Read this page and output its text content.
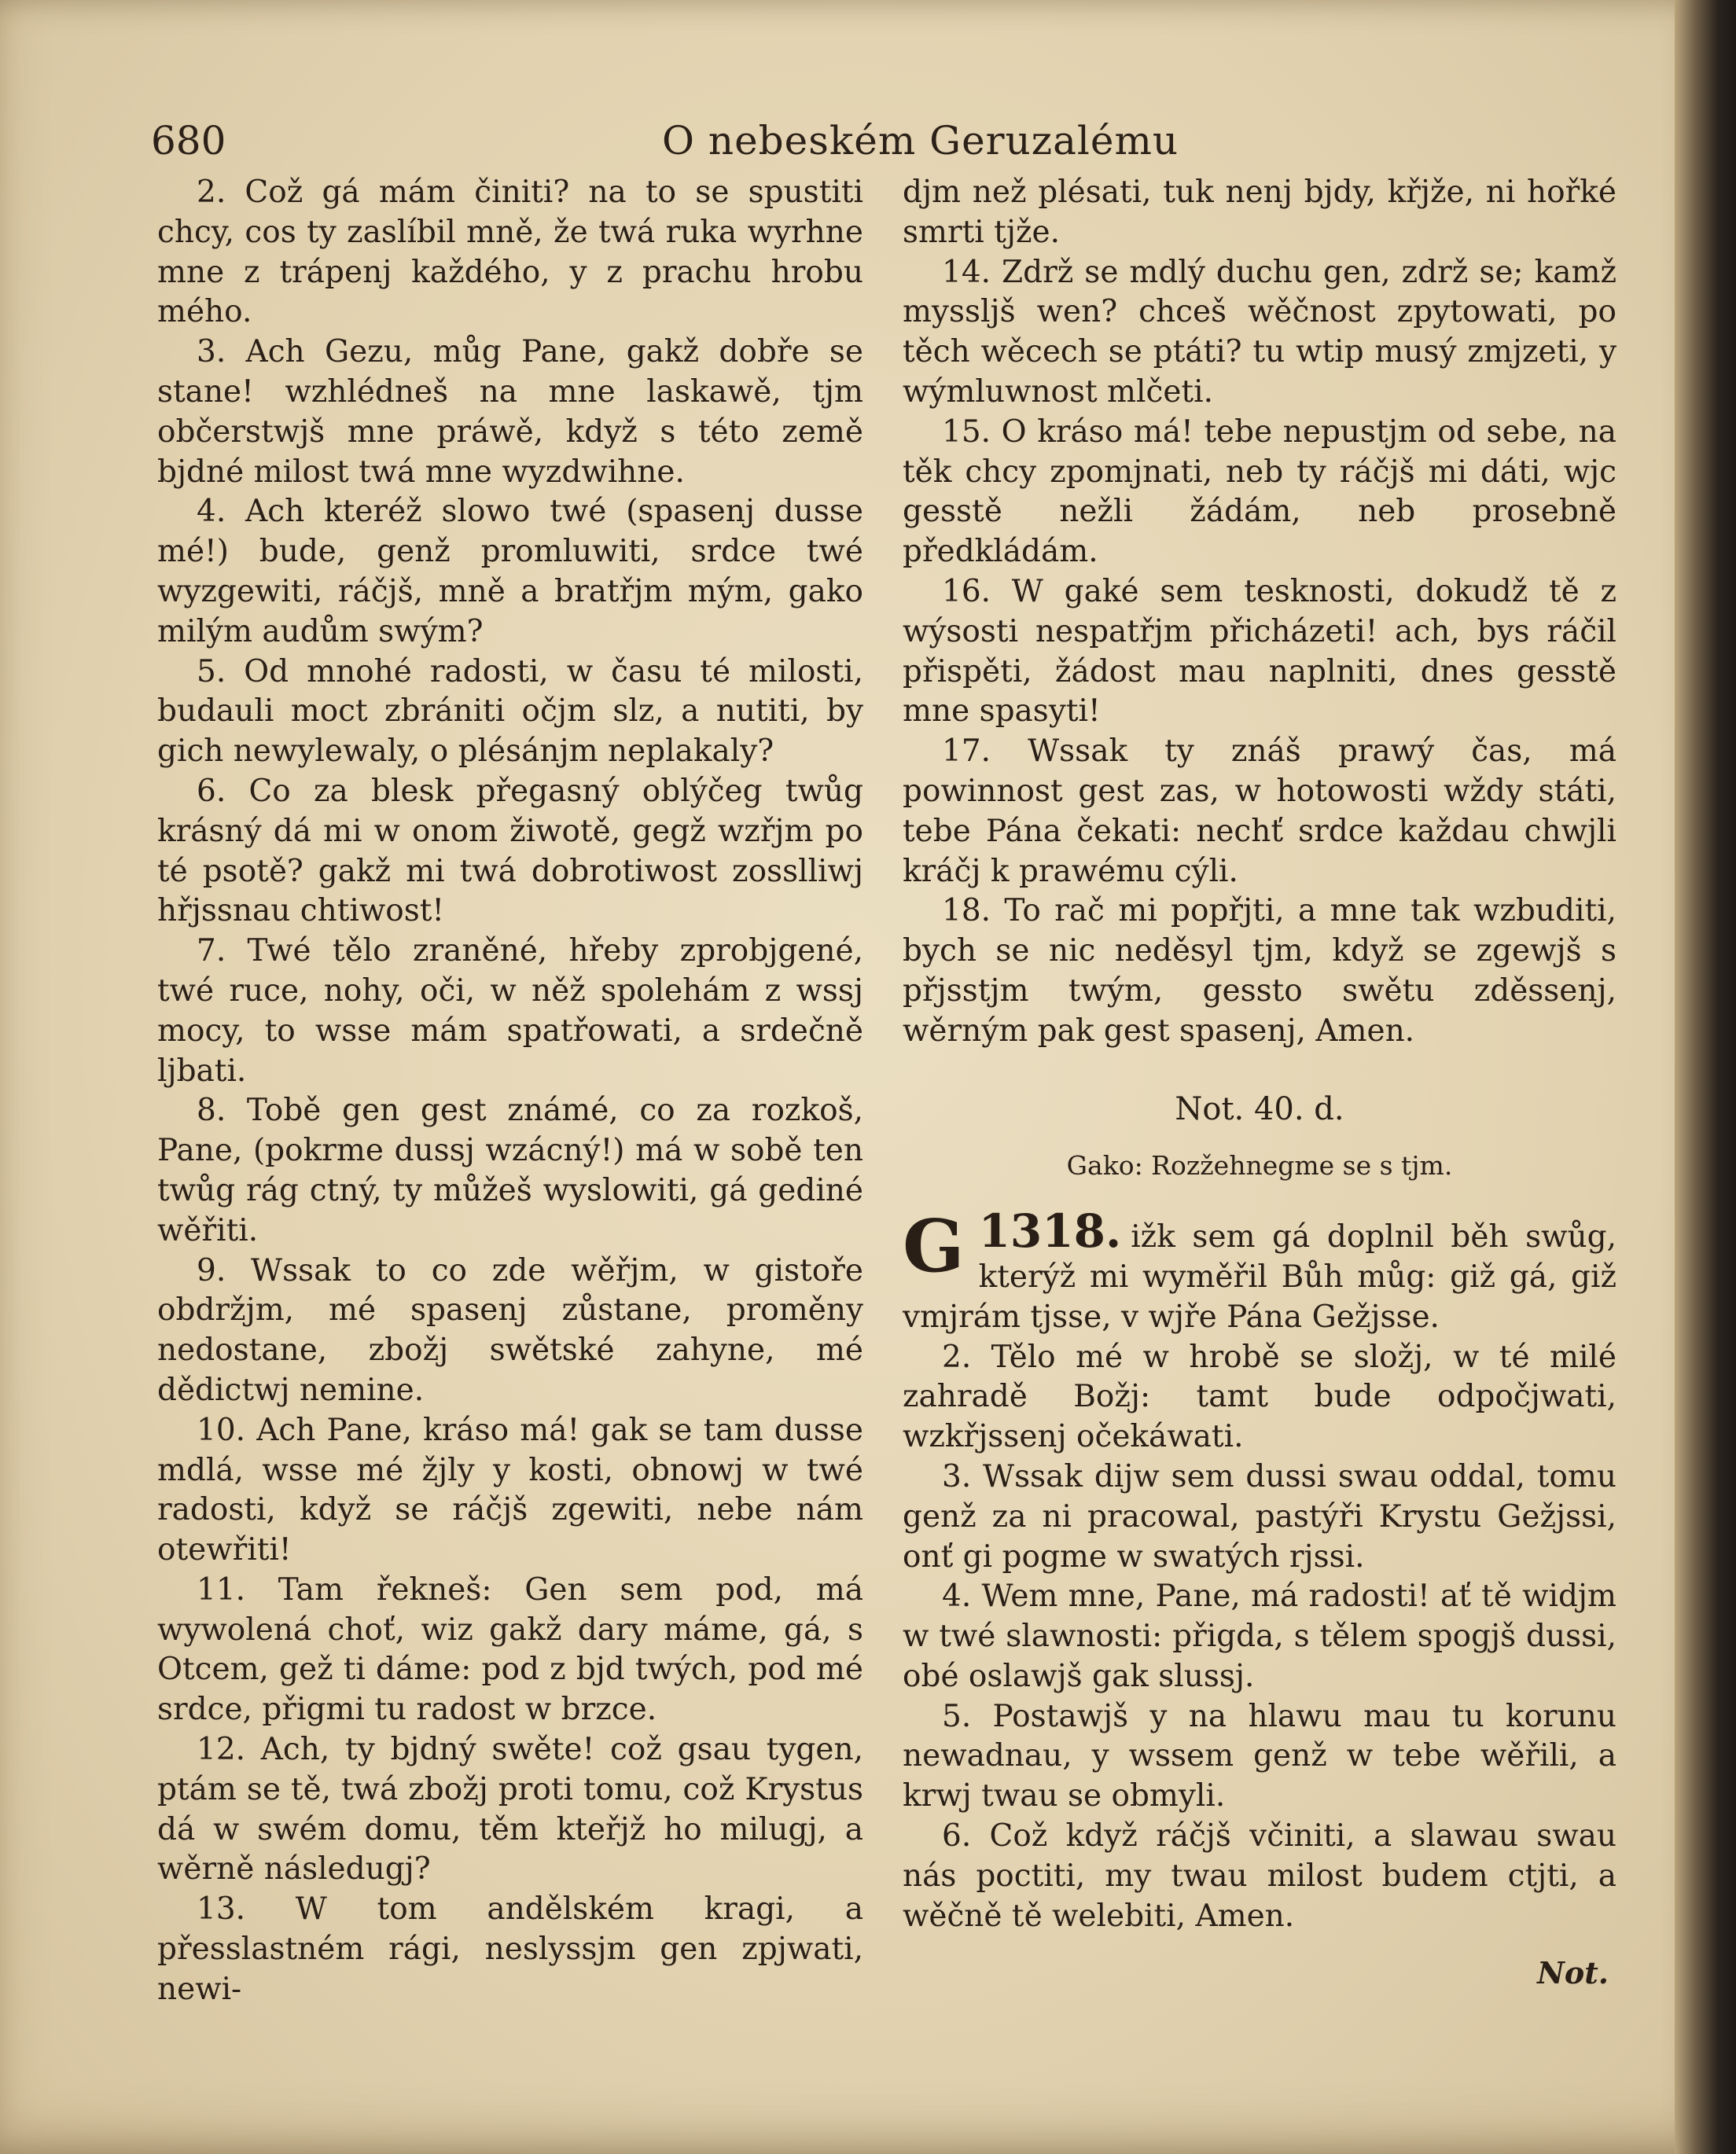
680	O nebeském Geruzalému

2. Což gá mám činiti? na to se spustiti chcy, cos ty zaslíbil mně, že twá ruka wyrhne mne z trápenj každého, y z prachu hrobu mého.

3. Ach Gezu, můg Pane, gakž dobře se stane! wzhlédneš na mne laskawě, tjm občerstwjš mne práwě, když s této země bjdné milost twá mne wyzdwihne.

4. Ach kteréž slowo twé (spasenj dusse mé!) bude, genž promluwiti, srdce twé wyzgewiti, ráčjš, mně a bratřjm mým, gako milým audům swým?

5. Od mnohé radosti, w času té milosti, budauli moct zbrániti očjm slz, a nutiti, by gich newylewaly, o plésánjm neplakaly?

6. Co za blesk přegasný oblýčeg twůg krásný dá mi w onom žiwotě, gegž wzřjm po té psotě? gakž mi twá dobrotiwost zosslliwj hřjssnau chtiwost!

7. Twé tělo zraněné, hřeby zprobjgené, twé ruce, nohy, oči, w něž spolehám z wssj mocy, to wsse mám spatřowati, a srdečně ljbati.

8. Tobě gen gest známé, co za rozkoš, Pane, (pokrme dussj wzácný!) má w sobě ten twůg rág ctný, ty můžeš wyslowiti, gá gediné wěřiti.

9. Wssak to co zde wěřjm, w gistoře obdržjm, mé spasenj zůstane, proměny nedostane, zbožj swětské zahyne, mé dědictwj nemine.

10. Ach Pane, kráso má! gak se tam dusse mdlá, wsse mé žjly y kosti, obnowj w twé radosti, když se ráčjš zgewiti, nebe nám otewřiti!

11. Tam řekneš: Gen sem pod, má wywolená choť, wiz gakž dary máme, gá, s Otcem, gež ti dáme: pod z bjd twých, pod mé srdce, přigmi tu radost w brzce.

12. Ach, ty bjdný swěte! což gsau tygen, ptám se tě, twá zbožj proti tomu, což Krystus dá w swém domu, těm kteřjž ho milugj, a wěrně následugj?

13. W tom andělském kragi, a přesslastném rági, neslyssjm gen zpjwati, newi-

djm než plésati, tuk nenj bjdy, křjže, ni hořké smrti tjže.

14. Zdrž se mdlý duchu gen, zdrž se; kamž myssljš wen? chceš wěčnost zpytowati, po těch wěcech se ptáti? tu wtip musý zmjzeti, y wýmluwnost mlčeti.

15. O kráso má! tebe nepustjm od sebe, na těk chcy zpomjnati, neb ty ráčjš mi dáti, wjc gesstě nežli žádám, neb prosebně předkládám.

16. W gaké sem tesknosti, dokudž tě z wýsosti nespatřjm přicházeti! ach, bys ráčil přispěti, žádost mau naplniti, dnes gesstě mne spasyti!

17. Wssak ty znáš prawý čas, má powinnost gest zas, w hotowosti wždy státi, tebe Pána čekati: nechť srdce každau chwjli kráčj k prawému cýli.

18. To rač mi popřjti, a mne tak wzbuditi, bych se nic neděsyl tjm, když se zgewjš s přjsstjm twým, gessto swětu zděssenj, wěrným pak gest spasenj, Amen.

Not. 40. d.
Gako: Rozžehnegme se s tjm.

1318.
G	ižk sem gá doplnil běh swůg, kterýž mi wyměřil Bůh můg: giž gá, giž vmjrám tjsse, v wjře Pána Gežjsse.

2. Tělo mé w hrobě se složj, w té milé zahradě Božj: tamt bude odpočjwati, wzkřjssenj očekáwati.

3. Wssak dijw sem dussi swau oddal, tomu genž za ni pracowal, pastýři Krystu Gežjssi, onť gi pogme w swatých rjssi.

4. Wem mne, Pane, má radosti! ať tě widjm w twé slawnosti: přigda, s tělem spogjš dussi, obé oslawjš gak slussj.

5. Postawjš y na hlawu mau tu korunu newadnau, y wssem genž w tebe wěřili, a krwj twau se obmyli.

6. Což když ráčjš včiniti, a slawau swau nás poctiti, my twau milost budem ctjti, a wěčně tě welebiti, Amen.

Not.
